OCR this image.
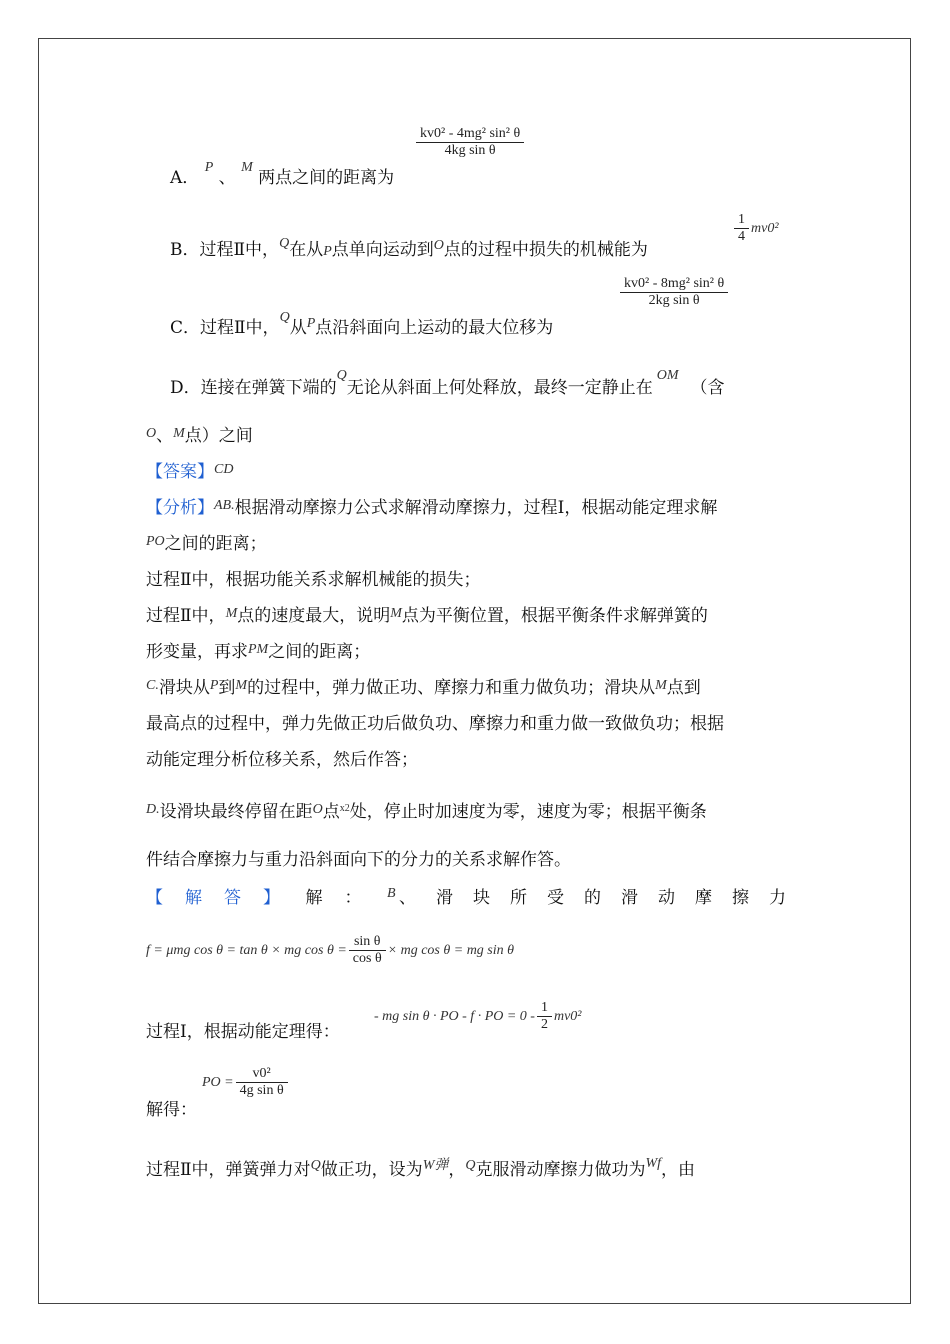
$\frac{\text{kv0² - 4mg² sin² θ}}{\text{4kg sin θ}}$
A． $^P$ 、 $^M$ 两点之间的距离为
B．过程Ⅱ中，$^Q$在从P点单向运动到$^O$点的过程中损失的机械能为
$\frac{1}{4} mv0^2$
$\frac{\text{kv0² - 8mg² sin² θ}}{\text{2kg sin θ}}$
C．过程Ⅱ中，$^Q$从$^P$点沿斜面向上运动的最大位移为
D．连接在弹簧下端的$^Q$无论从斜面上何处释放，最终一定静止在$^{OM}$（含
$^O$、$^M$点）之间
【答案】$^{CD}$
【分析】$^{AB.}$根据滑动摩擦力公式求解滑动摩擦力，过程Ⅰ，根据动能定理求解
$^{PO}$之间的距离；
过程Ⅱ中，根据功能关系求解机械能的损失；
过程Ⅱ中，$^M$点的速度最大，说明$^M$点为平衡位置，根据平衡条件求解弹簧的
形变量，再求$^{PM}$之间的距离；
$^{C.}$滑块从$^P$到$^M$的过程中，弹力做正功、摩擦力和重力做负功；滑块从$^M$点到
最高点的过程中，弹力先做正功后做负功、摩擦力和重力做一致做负功；根据
动能定理分析位移关系，然后作答；
$^{D.}$设滑块最终停留在距$^O$点$^{x2}$处，停止时加速度为零，速度为零；根据平衡条
件结合摩擦力与重力沿斜面向下的分力的关系求解作答。
【解答】 解： B 、滑块所受的滑动摩擦力
f = μmg cos θ = tan θ × mg $\cos \theta = \frac{\text{sin θ}}{\text{cos θ}}$ × mg cos θ = mg sin θ
过程Ⅰ，根据动能定理得：
- mg sin θ · PO - f · PO = $0 - \frac{1}{2} mv0^2$
解得：
PO = $\frac{\text{v0²}}{\text{4g sin θ}}$
过程Ⅱ中，弹簧弹力对$^Q$做正功，设为$^{W弹}$，$^Q$克服滑动摩擦力做功为$^{Wf}$，由
